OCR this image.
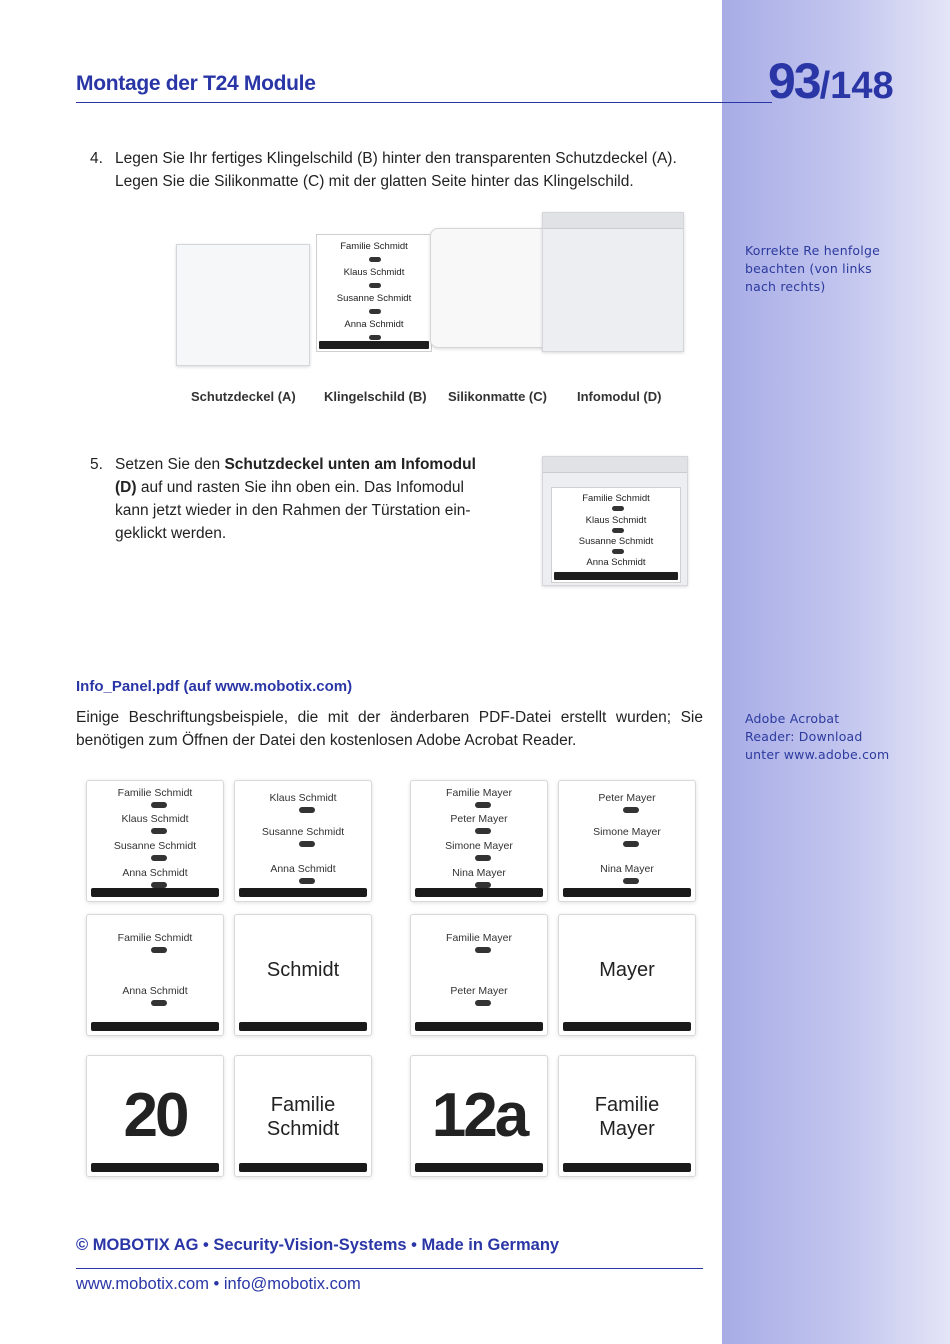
Montage der T24 Module	93/148
4. Legen Sie Ihr fertiges Klingelschild (B) hinter den transparenten Schutzdeckel (A).
Legen Sie die Silikonmatte (C) mit der glatten Seite hinter das Klingelschild.
Familie Schmidt
Klaus Schmidt
Susanne Schmidt
Anna Schmidt
Schutzdeckel (A) Klingelschild (B) Silikonmatte (C) Infomodul (D)
Korrekte Re henfolge
beachten (von links
nach rechts)
5. Setzen Sie den Schutzdeckel unten am Infomodul
(D) auf und rasten Sie ihn oben ein. Das Infomodul
kann jetzt wieder in den Rahmen der Türstation ein-
geklickt werden.
Familie Schmidt
Klaus Schmidt
Susanne Schmidt
Anna Schmidt
Info_Panel.pdf (auf www.mobotix.com)
Einige Beschriftungsbeispiele, die mit der änderbaren PDF-Datei erstellt wurden; Sie benötigen zum Öffnen der Datei den kostenlosen Adobe Acrobat Reader.
Adobe Acrobat
Reader: Download
unter www.adobe.com
Familie Schmidt
Klaus Schmidt
Susanne Schmidt
Anna Schmidt
Klaus Schmidt
Susanne Schmidt
Anna Schmidt
Familie Mayer
Peter Mayer
Simone Mayer
Nina Mayer
Peter Mayer
Simone Mayer
Nina Mayer
Familie Schmidt
Anna Schmidt
Schmidt
Familie Mayer
Peter Mayer
Mayer
20	Familie
Schmidt	12a	Familie
Mayer
© MOBOTIX AG • Security-Vision-Systems • Made in Germany
www.mobotix.com • info@mobotix.com
